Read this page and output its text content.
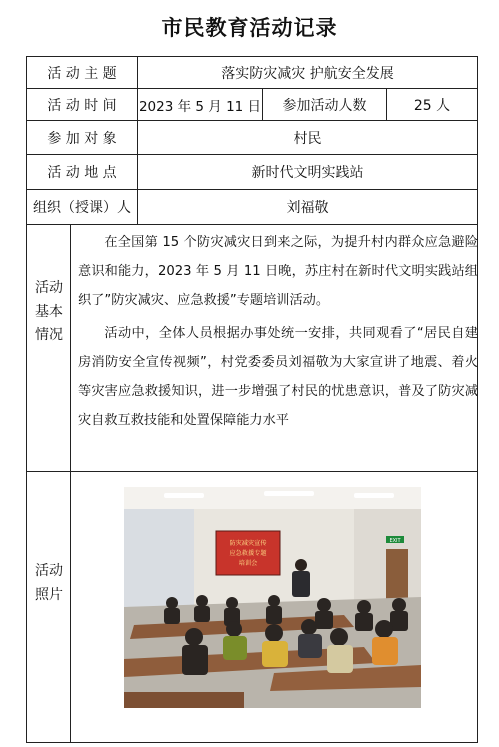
市民教育活动记录
活 动 主 题	落实防灾减灾 护航安全发展
活 动 时 间	2023 年 5 月 11 日	参加活动人数	25 人
参 加 对 象	村民
活 动 地 点	新时代文明实践站
组织（授课）人	刘福敬
活动基本情况

在全国第 15 个防灾减灾日到来之际，为提升村内群众应急避险意识和能力，2023 年 5 月 11 日晚，苏庄村在新时代文明实践站组织了”防灾减灾、应急救援”专题培训活动。

活动中，全体人员根据办事处统一安排，共同观看了“居民自建房消防安全宣传视频”，村党委委员刘福敬为大家宣讲了地震、着火等灾害应急救援知识，进一步增强了村民的忧患意识，普及了防灾减灾自救互救技能和处置保障能力水平

活动照片
EXIT
防灾减灾宣传
应急救援专题
培训会
